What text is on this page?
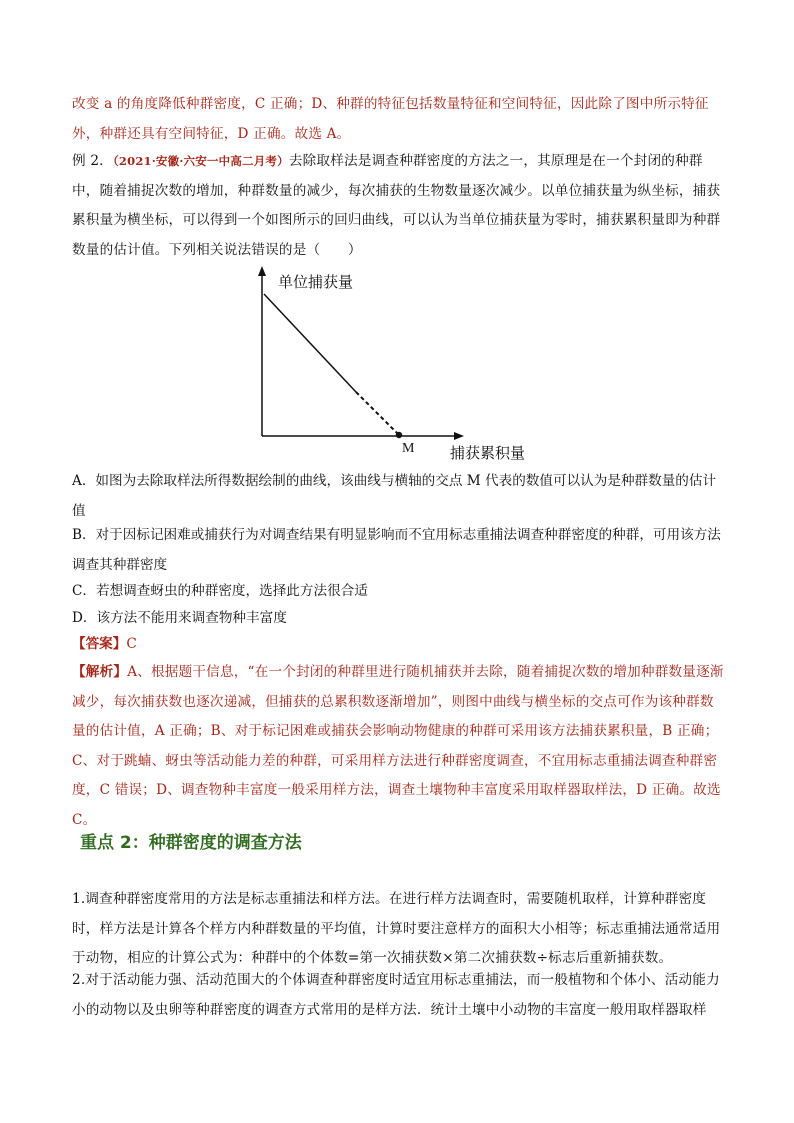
改变 a 的角度降低种群密度，C 正确；D、种群的特征包括数量特征和空间特征，因此除了图中所示特征外，种群还具有空间特征，D 正确。故选 A。
例 2．（2021·安徽·六安一中高二月考）去除取样法是调查种群密度的方法之一，其原理是在一个封闭的种群中，随着捕捉次数的增加，种群数量的减少，每次捕获的生物数量逐次减少。以单位捕获量为纵坐标，捕获累积量为横坐标，可以得到一个如图所示的回归曲线，可以认为当单位捕获量为零时，捕获累积量即为种群数量的估计值。下列相关说法错误的是（　　）
单位捕获量
捕获累积量
M
A．如图为去除取样法所得数据绘制的曲线，该曲线与横轴的交点 M 代表的数值可以认为是种群数量的估计值
B．对于因标记困难或捕获行为对调查结果有明显影响而不宜用标志重捕法调查种群密度的种群，可用该方法调查其种群密度
C．若想调查蚜虫的种群密度，选择此方法很合适
D．该方法不能用来调查物种丰富度
【答案】C
【解析】A、根据题干信息，“在一个封闭的种群里进行随机捕获并去除，随着捕捉次数的增加种群数量逐渐减少，每次捕获数也逐次递减，但捕获的总累积数逐渐增加”，则图中曲线与横坐标的交点可作为该种群数量的估计值，A 正确；B、对于标记困难或捕获会影响动物健康的种群可采用该方法捕获累积量，B 正确；C、对于跳蝻、蚜虫等活动能力差的种群，可采用样方法进行种群密度调查，不宜用标志重捕法调查种群密度，C 错误；D、调查物种丰富度一般采用样方法，调查土壤物种丰富度采用取样器取样法，D 正确。故选 C。
重点 2：种群密度的调查方法
1.调查种群密度常用的方法是标志重捕法和样方法。在进行样方法调查时，需要随机取样，计算种群密度时，样方法是计算各个样方内种群数量的平均值，计算时要注意样方的面积大小相等；标志重捕法通常适用于动物，相应的计算公式为：种群中的个体数=第一次捕获数×第二次捕获数÷标志后重新捕获数。
2.对于活动能力强、活动范围大的个体调查种群密度时适宜用标志重捕法，而一般植物和个体小、活动能力小的动物以及虫卵等种群密度的调查方式常用的是样方法．统计土壤中小动物的丰富度一般用取样器取样
